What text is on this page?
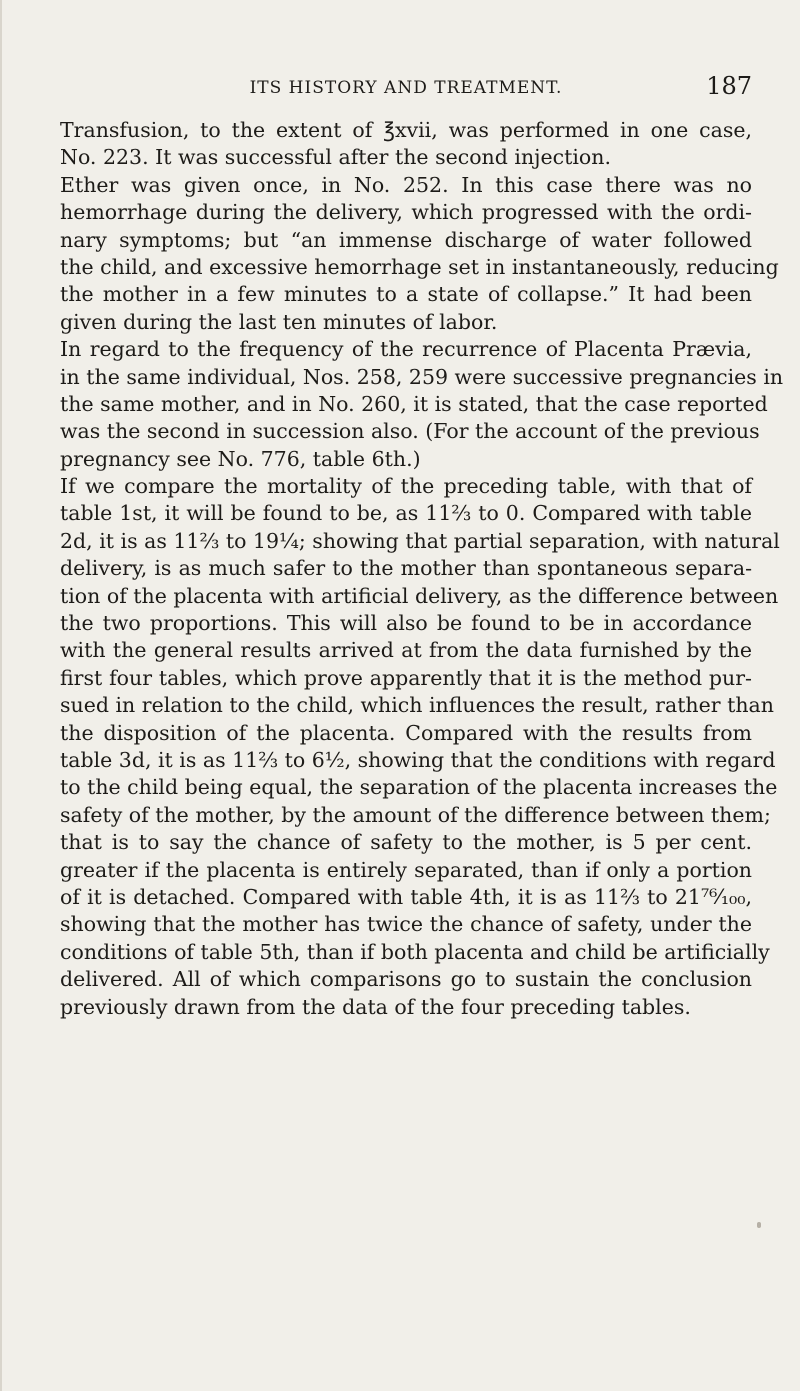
ITS HISTORY AND TREATMENT.	187
Transfusion, to the extent of ℥xvii, was performed in one case,
No. 223. It was successful after the second injection.
Ether was given once, in No. 252. In this case there was no
hemorrhage during the delivery, which progressed with the ordi-
nary symptoms; but “an immense discharge of water followed
the child, and excessive hemorrhage set in instantaneously, reducing
the mother in a few minutes to a state of collapse.” It had been
given during the last ten minutes of labor.
In regard to the frequency of the recurrence of Placenta Prævia,
in the same individual, Nos. 258, 259 were successive pregnancies in
the same mother, and in No. 260, it is stated, that the case reported
was the second in succession also. (For the account of the previous
pregnancy see No. 776, table 6th.)
If we compare the mortality of the preceding table, with that of
table 1st, it will be found to be, as 11⅔ to 0. Compared with table
2d, it is as 11⅔ to 19¼; showing that partial separation, with natural
delivery, is as much safer to the mother than spontaneous separa-
tion of the placenta with artificial delivery, as the difference between
the two proportions. This will also be found to be in accordance
with the general results arrived at from the data furnished by the
first four tables, which prove apparently that it is the method pur-
sued in relation to the child, which influences the result, rather than
the disposition of the placenta. Compared with the results from
table 3d, it is as 11⅔ to 6½, showing that the conditions with regard
to the child being equal, the separation of the placenta increases the
safety of the mother, by the amount of the difference between them;
that is to say the chance of safety to the mother, is 5 per cent.
greater if the placenta is entirely separated, than if only a portion
of it is detached. Compared with table 4th, it is as 11⅔ to 21⁷⁶⁄₁₀₀,
showing that the mother has twice the chance of safety, under the
conditions of table 5th, than if both placenta and child be artificially
delivered. All of which comparisons go to sustain the conclusion
previously drawn from the data of the four preceding tables.
